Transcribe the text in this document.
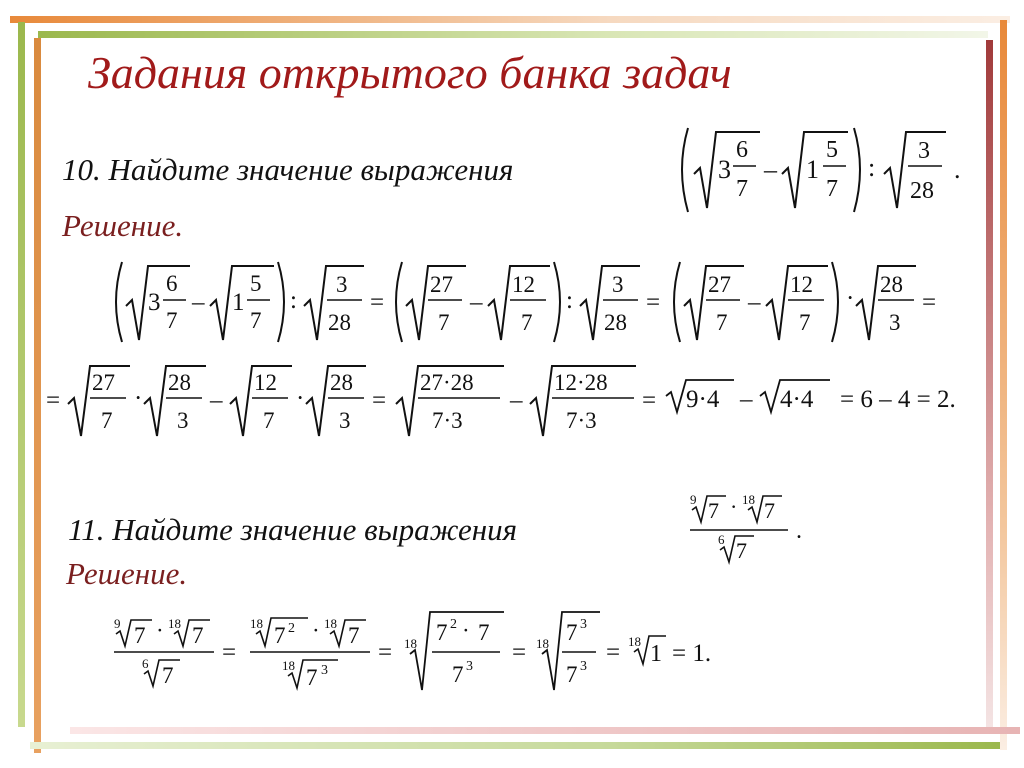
Задания открытого банка задач
10. Найдите значение выражения	3
6
7
– 1
5
7
:
3
28
.
Решение.
3
6
7
– 1
5
7
:
3
28
=
27
7
–
12
7
:
3
28
=
27
7
–
12
7
·
28
3
=
=
27
7
·
28
3
–
12
7
·
28
3
=
27·28
7·3
–
12·28
7·3
= 9·4 – 4·4 = 6 – 4 = 2.
11. Найдите значение выражения
9 7 · 18 7
6 7
.
Решение.
9 7 · 18 7
6 7
=
18 7 2 · 18 7
18 7 3
= 18 7 2 · 7
7 3
= 18 7 3
7 3
= 18 1 = 1.
